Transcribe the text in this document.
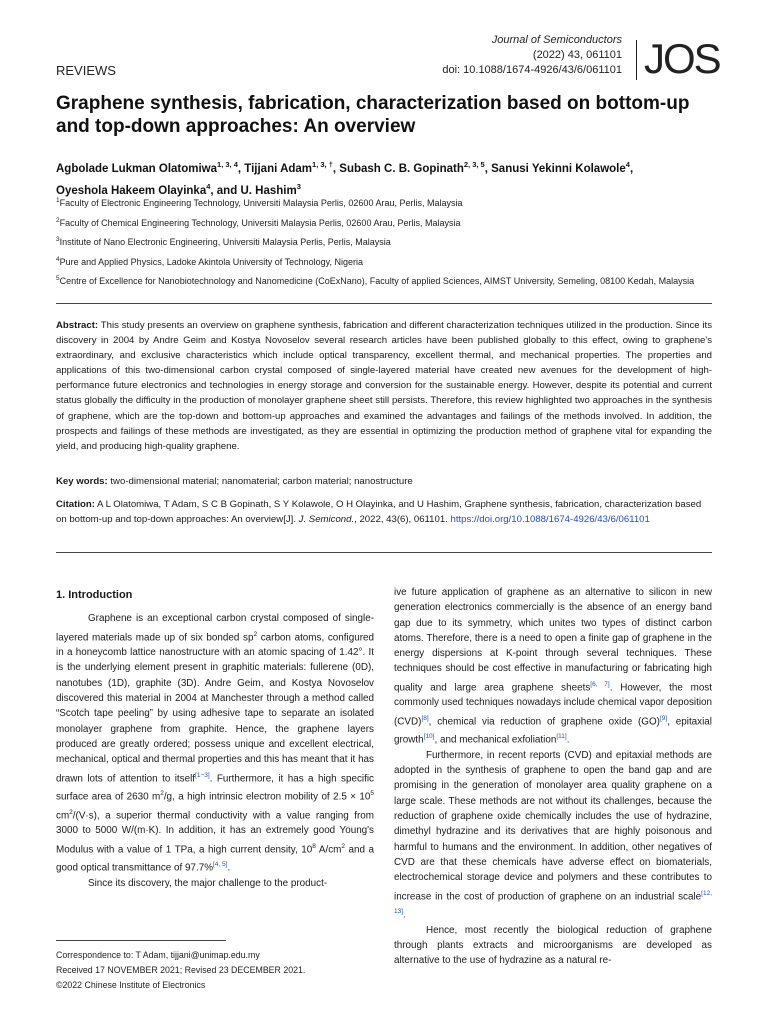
Journal of Semiconductors
(2022) 43, 061101
doi: 10.1088/1674-4926/43/6/061101 JOS
REVIEWS
Graphene synthesis, fabrication, characterization based on bottom-up and top-down approaches: An overview
Agbolade Lukman Olatomiwa$^{1, 3, 4}$, Tijjani Adam$^{1, 3, \dagger}$, Subash C. B. Gopinath$^{2, 3, 5}$, Sanusi Yekinni Kolawole$^4$,
Oyeshola Hakeem Olayinka$^4$, and U. Hashim$^3$
$^1$Faculty of Electronic Engineering Technology, Universiti Malaysia Perlis, 02600 Arau, Perlis, Malaysia
$^2$Faculty of Chemical Engineering Technology, Universiti Malaysia Perlis, 02600 Arau, Perlis, Malaysia
$^3$Institute of Nano Electronic Engineering, Universiti Malaysia Perlis, Perlis, Malaysia
$^4$Pure and Applied Physics, Ladoke Akintola University of Technology, Nigeria
$^5$Centre of Excellence for Nanobiotechnology and Nanomedicine (CoExNano), Faculty of applied Sciences, AIMST University, Semeling, 08100 Kedah, Malaysia
Abstract: This study presents an overview on graphene synthesis, fabrication and different characterization techniques utilized in the production. Since its discovery in 2004 by Andre Geim and Kostya Novoselov several research articles have been published globally to this effect, owing to graphene's extraordinary, and exclusive characteristics which include optical transparency, excellent thermal, and mechanical properties. The properties and applications of this two-dimensional carbon crystal composed of single-layered material have created new avenues for the development of high-performance future electronics and technologies in energy storage and conversion for the sustainable energy. However, despite its potential and current status globally the difficulty in the production of monolayer graphene sheet still persists. Therefore, this review highlighted two approaches in the synthesis of graphene, which are the top-down and bottom-up approaches and examined the advantages and failings of the methods involved. In addition, the prospects and failings of these methods are investigated, as they are essential in optimizing the production method of graphene vital for expanding the yield, and producing high-quality graphene.
Key words: two-dimensional material; nanomaterial; carbon material; nanostructure
Citation: A L Olatomiwa, T Adam, S C B Gopinath, S Y Kolawole, O H Olayinka, and U Hashim, Graphene synthesis, fabrication, characterization based on bottom-up and top-down approaches: An overview[J]. J. Semicond., 2022, 43(6), 061101. https://doi.org/10.1088/1674-4926/43/6/061101
1. Introduction

Graphene is an exceptional carbon crystal composed of single-layered materials made up of six bonded $sp^2$ carbon atoms, configured in a honeycomb lattice nanostructure with an atomic spacing of 1.42°. It is the underlying element present in graphitic materials: fullerene (0D), nanotubes (1D), graphite (3D). Andre Geim, and Kostya Novoselov discovered this material in 2004 at Manchester through a method called “Scotch tape peeling” by using adhesive tape to separate an isolated monolayer graphene from graphite. Hence, the graphene layers produced are greatly ordered; possess unique and excellent electrical, mechanical, optical and thermal properties and this has meant that it has drawn lots of attention to itself[1−3]. Furthermore, it has a high specific surface area of 2630 $m^2/g$, a high intrinsic electron mobility of $2.5 \times 10^5$ $cm^2/(V\cdot s)$, a superior thermal conductivity with a value ranging from 3000 to 5000 W/(m·K). In addition, it has an extremely good Young's Modulus with a value of 1 TPa, a high current density, $10^8$ $A/cm^2$ and a good optical transmittance of 97.7%[4, 5].

Since its discovery, the major challenge to the product-

ive future application of graphene as an alternative to silicon in new generation electronics commercially is the absence of an energy band gap due to its symmetry, which unites two types of distinct carbon atoms. Therefore, there is a need to open a finite gap of graphene in the energy dispersions at K-point through several techniques. These techniques should be cost effective in manufacturing or fabricating high quality and large area graphene sheets[6, 7]. However, the most commonly used techniques nowadays include chemical vapor deposition (CVD)[8], chemical via reduction of graphene oxide (GO)[9], epitaxial growth[10], and mechanical exfoliation[11].

Furthermore, in recent reports (CVD) and epitaxial methods are adopted in the synthesis of graphene to open the band gap and are promising in the generation of monolayer area quality graphene on a large scale. These methods are not without its challenges, because the reduction of graphene oxide chemically includes the use of hydrazine, dimethyl hydrazine and its derivatives that are highly poisonous and harmful to humans and the environment. In addition, other negatives of CVD are that these chemicals have adverse effect on biomaterials, electrochemical storage device and polymers and these contributes to increase in the cost of production of graphene on an industrial scale[12, 13].

Hence, most recently the biological reduction of graphene through plants extracts and microorganisms are developed as alternative to the use of hydrazine as a natural re-

Correspondence to: T Adam, tijjani@unimap.edu.my
Received 17 NOVEMBER 2021; Revised 23 DECEMBER 2021.
©2022 Chinese Institute of Electronics
